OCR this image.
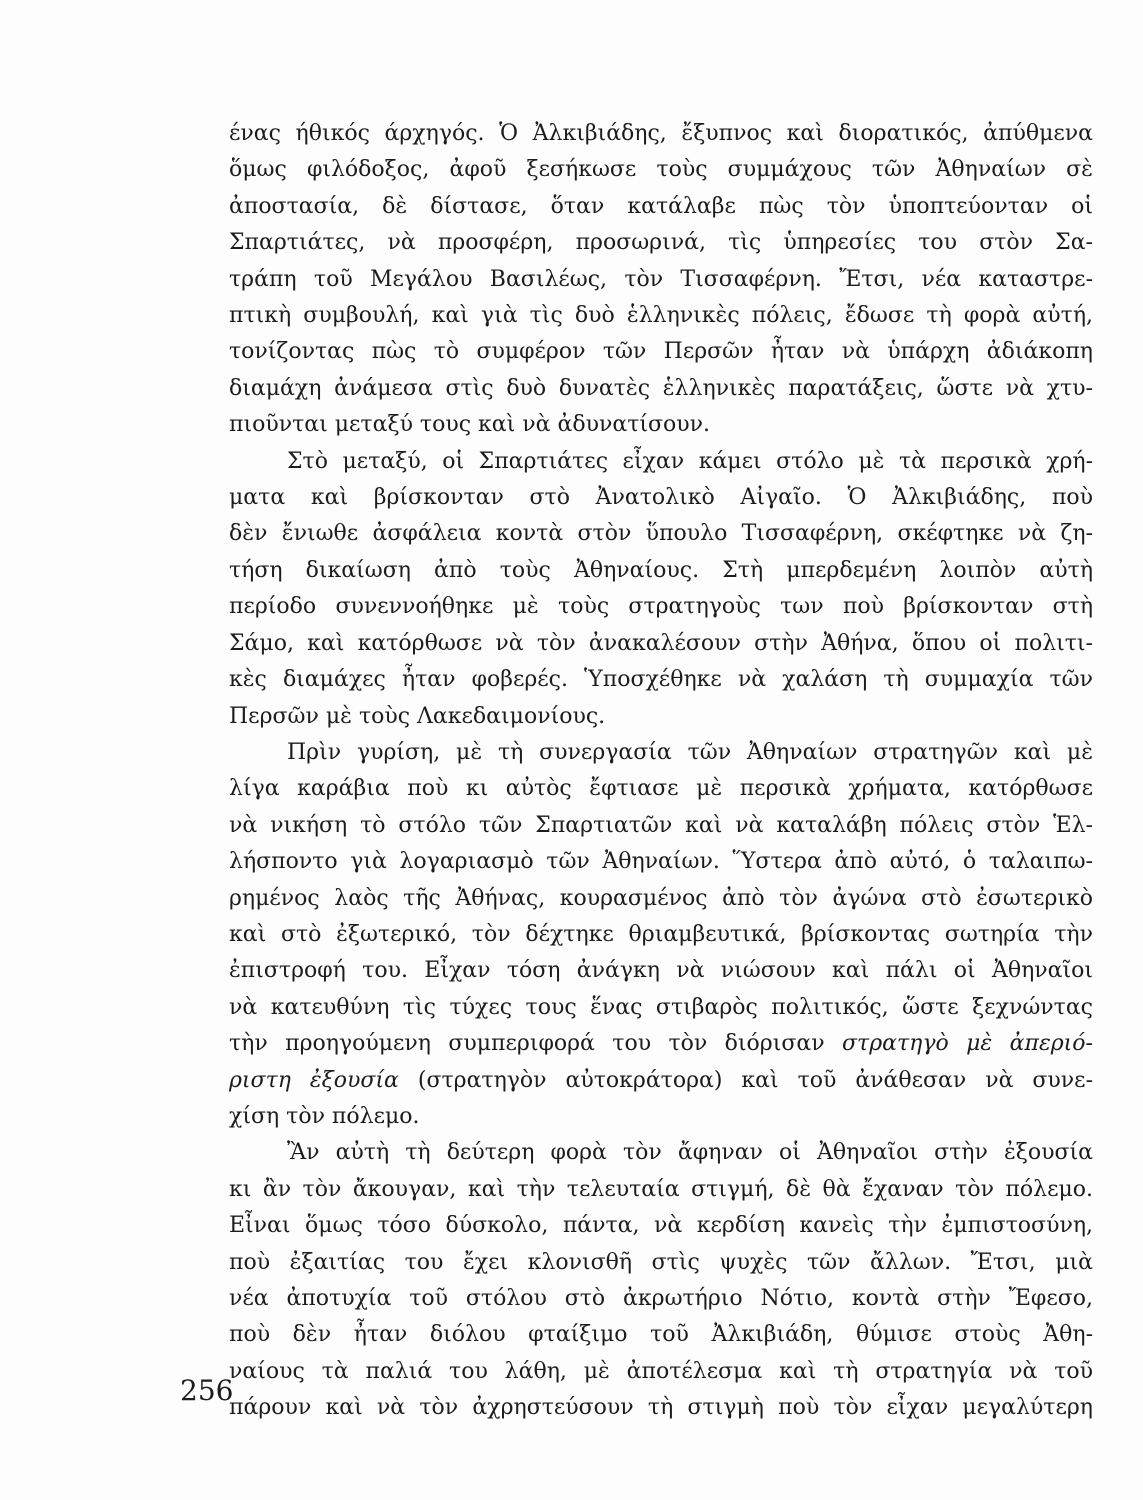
ένας ήθικός άρχηγός. Ὁ Ἀλκιβιάδης, ἔξυπνος καὶ διορατικός, ἀπύθμενα
ὅμως φιλόδοξος, ἀφοῦ ξεσήκωσε τοὺς συμμάχους τῶν Ἀθηναίων σὲ
ἀποστασία, δὲ δίστασε, ὅταν κατάλαβε πὼς τὸν ὑποπτεύονταν οἱ
Σπαρτιάτες, νὰ προσφέρη, προσωρινά, τὶς ὑπηρεσίες του στὸν Σα-
τράπη τοῦ Μεγάλου Βασιλέως, τὸν Τισσαφέρνη. Ἔτσι, νέα καταστρε-
πτικὴ συμβουλή, καὶ γιὰ τὶς δυὸ ἑλληνικὲς πόλεις, ἔδωσε τὴ φορὰ αὐτή,
τονίζοντας πὼς τὸ συμφέρον τῶν Περσῶν ἦταν νὰ ὑπάρχη ἀδιάκοπη
διαμάχη ἀνάμεσα στὶς δυὸ δυνατὲς ἑλληνικὲς παρατάξεις, ὥστε νὰ χτυ-
πιοῦνται μεταξύ τους καὶ νὰ ἀδυνατίσουν.
Στὸ μεταξύ, οἱ Σπαρτιάτες εἶχαν κάμει στόλο μὲ τὰ περσικὰ χρή-
ματα καὶ βρίσκονταν στὸ Ἀνατολικὸ Αἰγαῖο. Ὁ Ἀλκιβιάδης, ποὺ
δὲν ἔνιωθε ἀσφάλεια κοντὰ στὸν ὕπουλο Τισσαφέρνη, σκέφτηκε νὰ ζη-
τήση δικαίωση ἀπὸ τοὺς Ἀθηναίους. Στὴ μπερδεμένη λοιπὸν αὐτὴ
περίοδο συνεννοήθηκε μὲ τοὺς στρατηγοὺς των ποὺ βρίσκονταν στὴ
Σάμο, καὶ κατόρθωσε νὰ τὸν ἀνακαλέσουν στὴν Ἀθήνα, ὅπου οἱ πολιτι-
κὲς διαμάχες ἦταν φοβερές. Ὑποσχέθηκε νὰ χαλάση τὴ συμμαχία τῶν
Περσῶν μὲ τοὺς Λακεδαιμονίους.
Πρὶν γυρίση, μὲ τὴ συνεργασία τῶν Ἀθηναίων στρατηγῶν καὶ μὲ
λίγα καράβια ποὺ κι αὐτὸς ἔφτιασε μὲ περσικὰ χρήματα, κατόρθωσε
νὰ νικήση τὸ στόλο τῶν Σπαρτιατῶν καὶ νὰ καταλάβη πόλεις στὸν Ἑλ-
λήσποντο γιὰ λογαριασμὸ τῶν Ἀθηναίων. Ὕστερα ἀπὸ αὐτό, ὁ ταλαιπω-
ρημένος λαὸς τῆς Ἀθήνας, κουρασμένος ἀπὸ τὸν ἀγώνα στὸ ἐσωτερικὸ
καὶ στὸ ἐξωτερικό, τὸν δέχτηκε θριαμβευτικά, βρίσκοντας σωτηρία τὴν
ἐπιστροφή του. Εἶχαν τόση ἀνάγκη νὰ νιώσουν καὶ πάλι οἱ Ἀθηναῖοι
νὰ κατευθύνη τὶς τύχες τους ἕνας στιβαρὸς πολιτικός, ὥστε ξεχνώντας
τὴν προηγούμενη συμπεριφορά του τὸν διόρισαν στρατηγὸ μὲ ἀπεριό-
ριστη ἐξουσία (στρατηγὸν αὐτοκράτορα) καὶ τοῦ ἀνάθεσαν νὰ συνε-
χίση τὸν πόλεμο.
Ἂν αὐτὴ τὴ δεύτερη φορὰ τὸν ἄφηναν οἱ Ἀθηναῖοι στὴν ἐξουσία
κι ἂν τὸν ἄκουγαν, καὶ τὴν τελευταία στιγμή, δὲ θὰ ἔχαναν τὸν πόλεμο.
Εἶναι ὅμως τόσο δύσκολο, πάντα, νὰ κερδίση κανεὶς τὴν ἐμπιστοσύνη,
ποὺ ἐξαιτίας του ἔχει κλονισθῆ στὶς ψυχὲς τῶν ἄλλων. Ἔτσι, μιὰ
νέα ἀποτυχία τοῦ στόλου στὸ ἀκρωτήριο Νότιο, κοντὰ στὴν Ἔφεσο,
ποὺ δὲν ἦταν διόλου φταίξιμο τοῦ Ἀλκιβιάδη, θύμισε στοὺς Ἀθη-
ναίους τὰ παλιά του λάθη, μὲ ἀποτέλεσμα καὶ τὴ στρατηγία νὰ τοῦ
πάρουν καὶ νὰ τὸν ἀχρηστεύσουν τὴ στιγμὴ ποὺ τὸν εἶχαν μεγαλύτερη
256
